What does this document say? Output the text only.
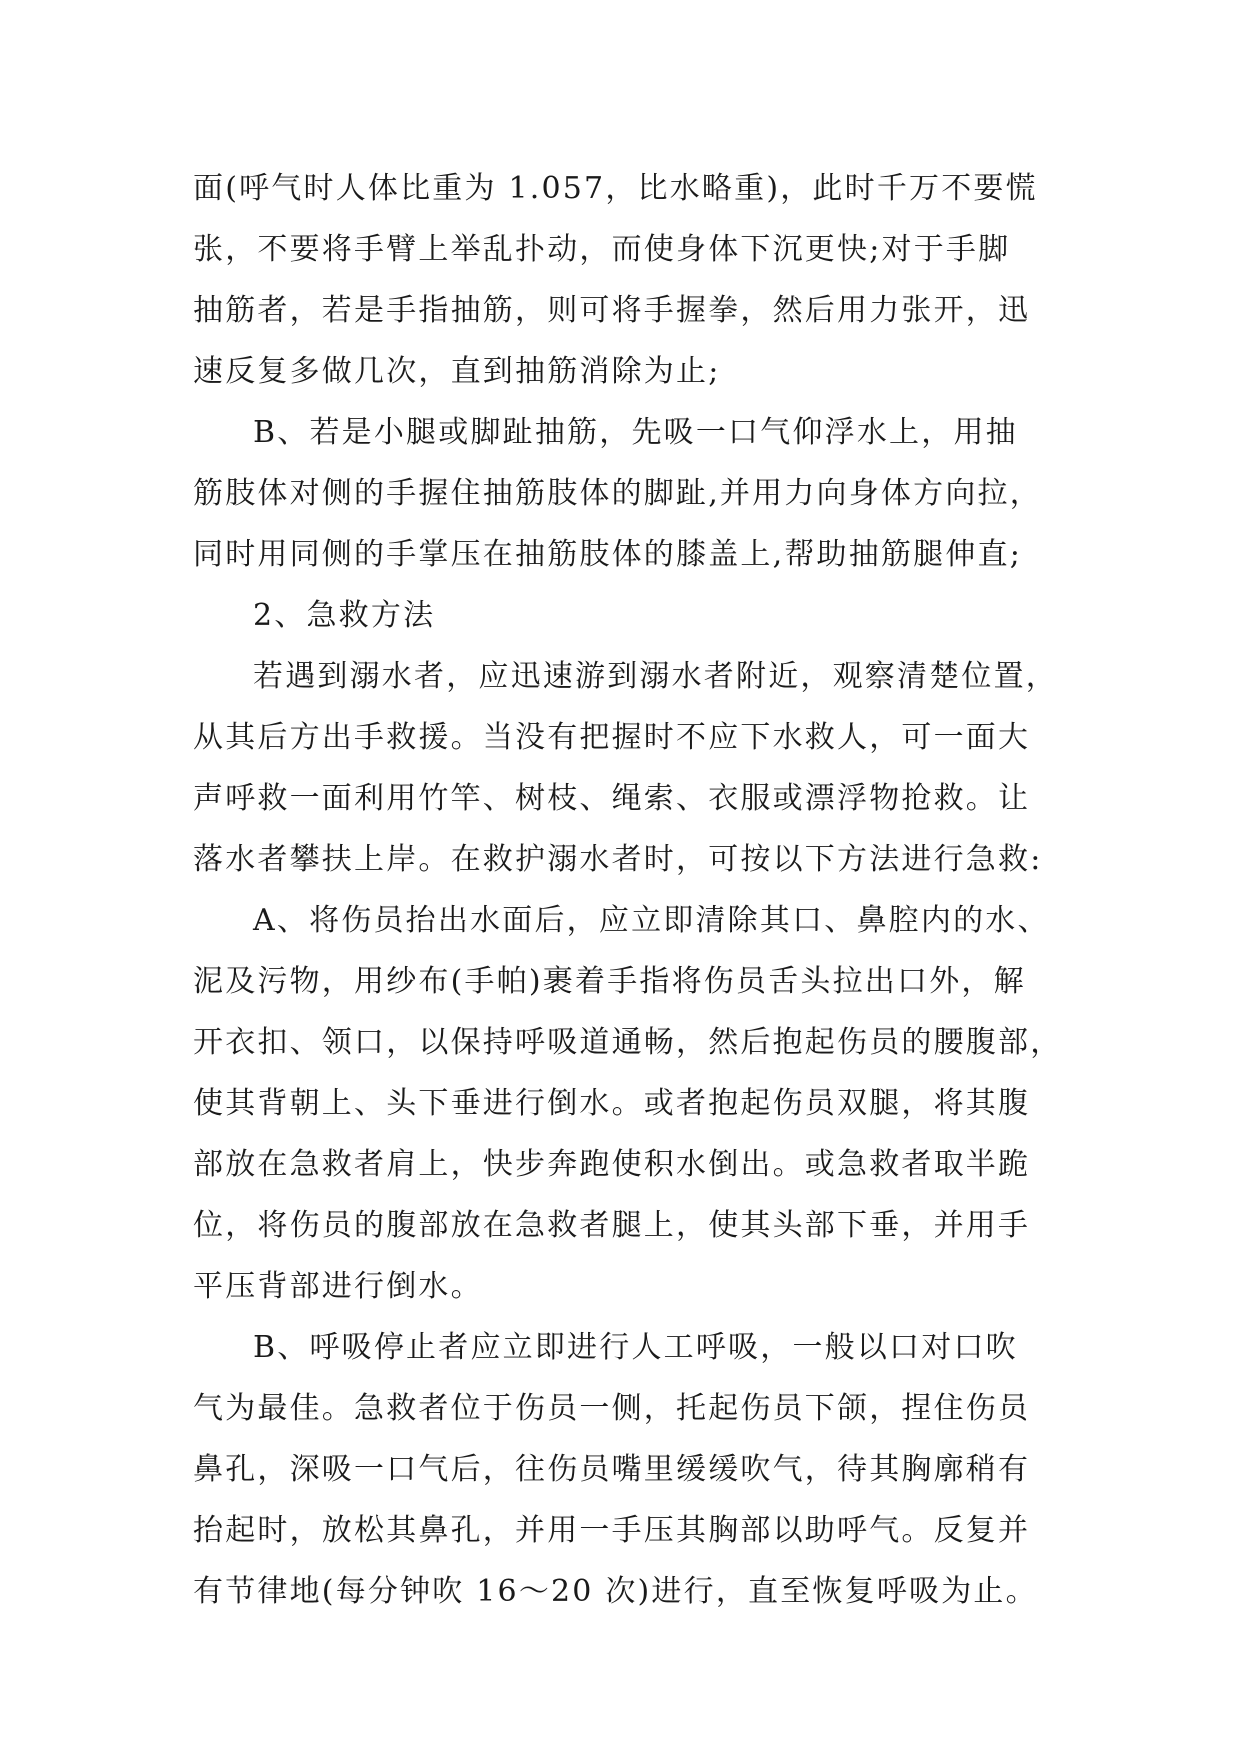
面(呼气时人体比重为 1.057，比水略重)，此时千万不要慌
张，不要将手臂上举乱扑动，而使身体下沉更快;对于手脚
抽筋者，若是手指抽筋，则可将手握拳，然后用力张开，迅
速反复多做几次，直到抽筋消除为止;
B、若是小腿或脚趾抽筋，先吸一口气仰浮水上，用抽
筋肢体对侧的手握住抽筋肢体的脚趾,并用力向身体方向拉，
同时用同侧的手掌压在抽筋肢体的膝盖上,帮助抽筋腿伸直;
2、急救方法
若遇到溺水者，应迅速游到溺水者附近，观察清楚位置，
从其后方出手救援。当没有把握时不应下水救人，可一面大
声呼救一面利用竹竿、树枝、绳索、衣服或漂浮物抢救。让
落水者攀扶上岸。在救护溺水者时，可按以下方法进行急救:
A、将伤员抬出水面后，应立即清除其口、鼻腔内的水、
泥及污物，用纱布(手帕)裹着手指将伤员舌头拉出口外，解
开衣扣、领口，以保持呼吸道通畅，然后抱起伤员的腰腹部，
使其背朝上、头下垂进行倒水。或者抱起伤员双腿，将其腹
部放在急救者肩上，快步奔跑使积水倒出。或急救者取半跪
位，将伤员的腹部放在急救者腿上，使其头部下垂，并用手
平压背部进行倒水。
B、呼吸停止者应立即进行人工呼吸，一般以口对口吹
气为最佳。急救者位于伤员一侧，托起伤员下颌，捏住伤员
鼻孔，深吸一口气后，往伤员嘴里缓缓吹气，待其胸廓稍有
抬起时，放松其鼻孔，并用一手压其胸部以助呼气。反复并
有节律地(每分钟吹 16～20 次)进行，直至恢复呼吸为止。
